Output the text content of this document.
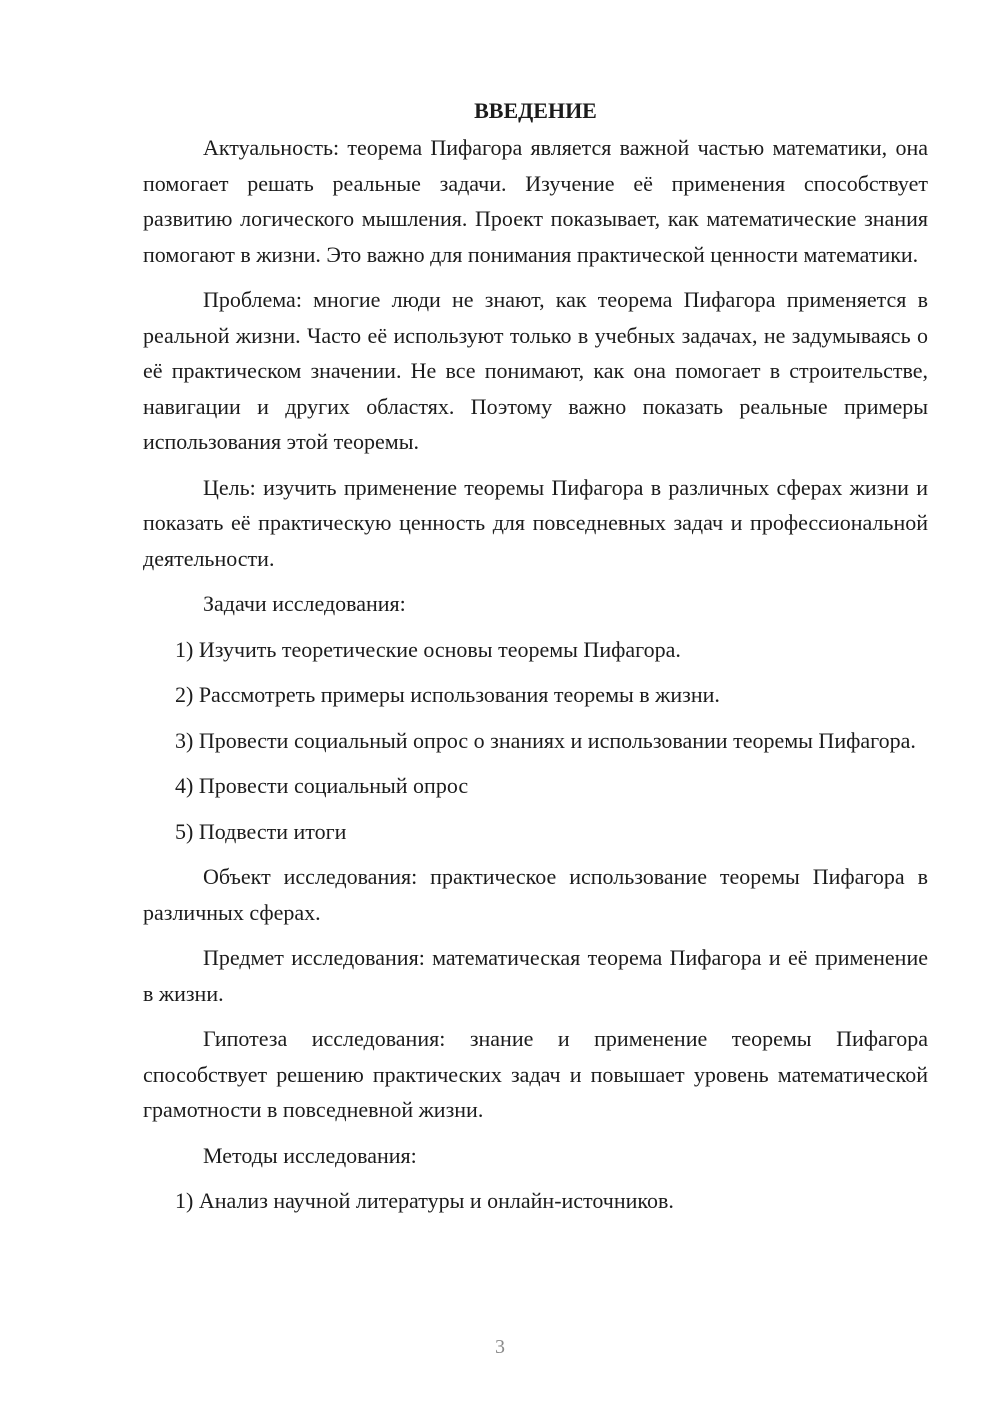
ВВЕДЕНИЕ

Актуальность: теорема Пифагора является важной частью математики, она помогает решать реальные задачи. Изучение её применения способствует развитию логического мышления. Проект показывает, как математические знания помогают в жизни. Это важно для понимания практической ценности математики.

Проблема: многие люди не знают, как теорема Пифагора применяется в реальной жизни. Часто её используют только в учебных задачах, не задумываясь о её практическом значении. Не все понимают, как она помогает в строительстве, навигации и других областях. Поэтому важно показать реальные примеры использования этой теоремы.

Цель: изучить применение теоремы Пифагора в различных сферах жизни и показать её практическую ценность для повседневных задач и профессиональной деятельности.

Задачи исследования:

1) Изучить теоретические основы теоремы Пифагора.

2) Рассмотреть примеры использования теоремы в жизни.

3) Провести социальный опрос о знаниях и использовании теоремы Пифагора.

4) Провести социальный опрос

5) Подвести итоги

Объект исследования: практическое использование теоремы Пифагора в различных сферах.

Предмет исследования: математическая теорема Пифагора и её применение в жизни.

Гипотеза исследования: знание и применение теоремы Пифагора способствует решению практических задач и повышает уровень математической грамотности в повседневной жизни.

Методы исследования:

1) Анализ научной литературы и онлайн-источников.

3
